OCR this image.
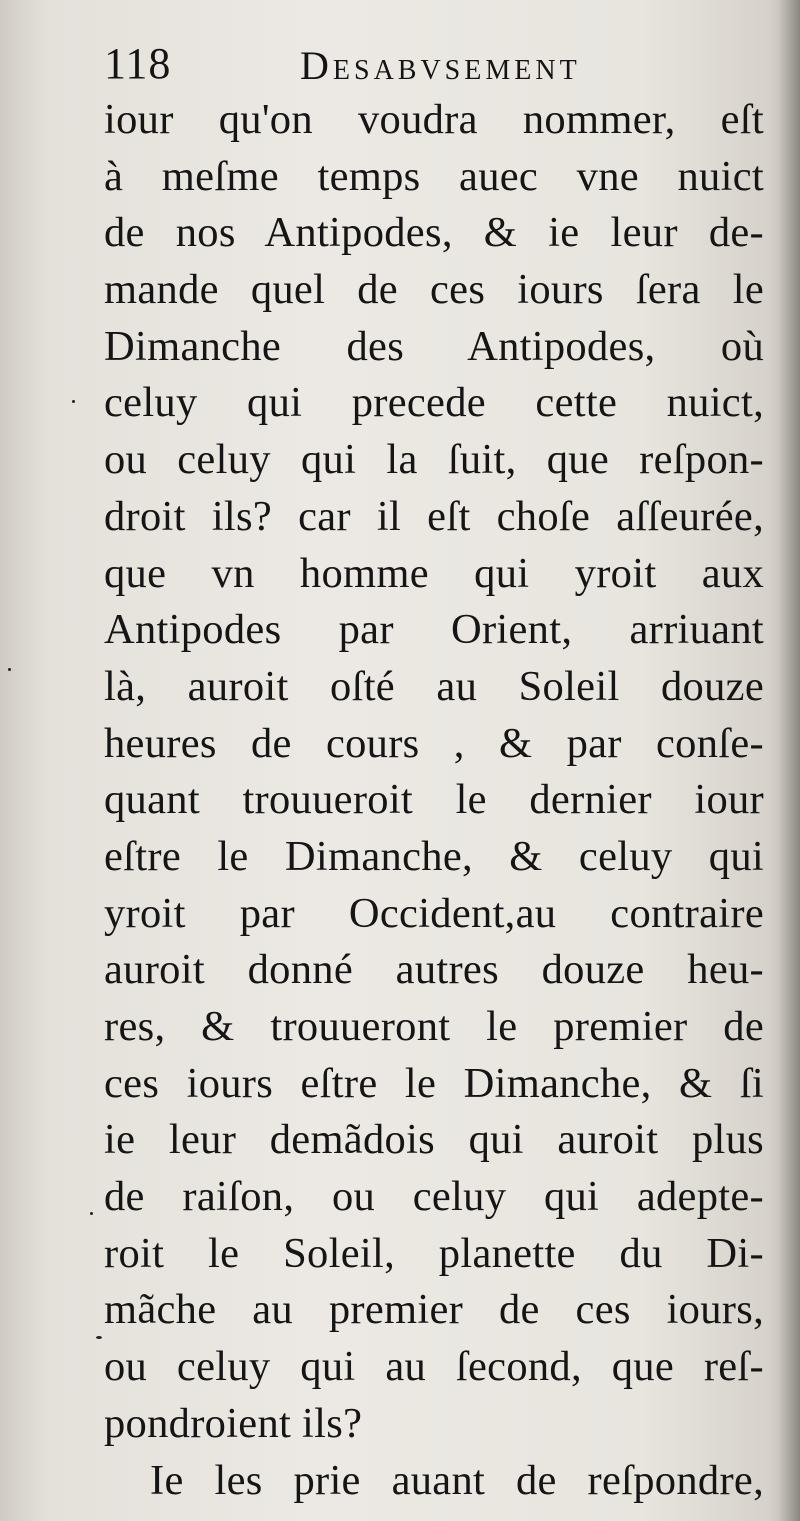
118	Desabvsement
iour qu'on voudra nommer, eſt
à meſme temps auec vne nuict
de nos Antipodes, & ie leur de-
mande quel de ces iours ſera le
Dimanche des Antipodes, où
celuy qui precede cette nuict,
ou celuy qui la ſuit, que reſpon-
droit ils? car il eſt choſe aſſeurée,
que vn homme qui yroit aux
Antipodes par Orient, arriuant
là, auroit oſté au Soleil douze
heures de cours , & par conſe-
quant trouueroit le dernier iour
eſtre le Dimanche, & celuy qui
yroit par Occident,au contraire
auroit donné autres douze heu-
res, & trouueront le premier de
ces iours eſtre le Dimanche, & ſi
ie leur demãdois qui auroit plus
de raiſon, ou celuy qui adepte-
roit le Soleil, planette du Di-
mãche au premier de ces iours,
ou celuy qui au ſecond, que reſ-
pondroient ils?
Ie les prie auant de reſpondre,
